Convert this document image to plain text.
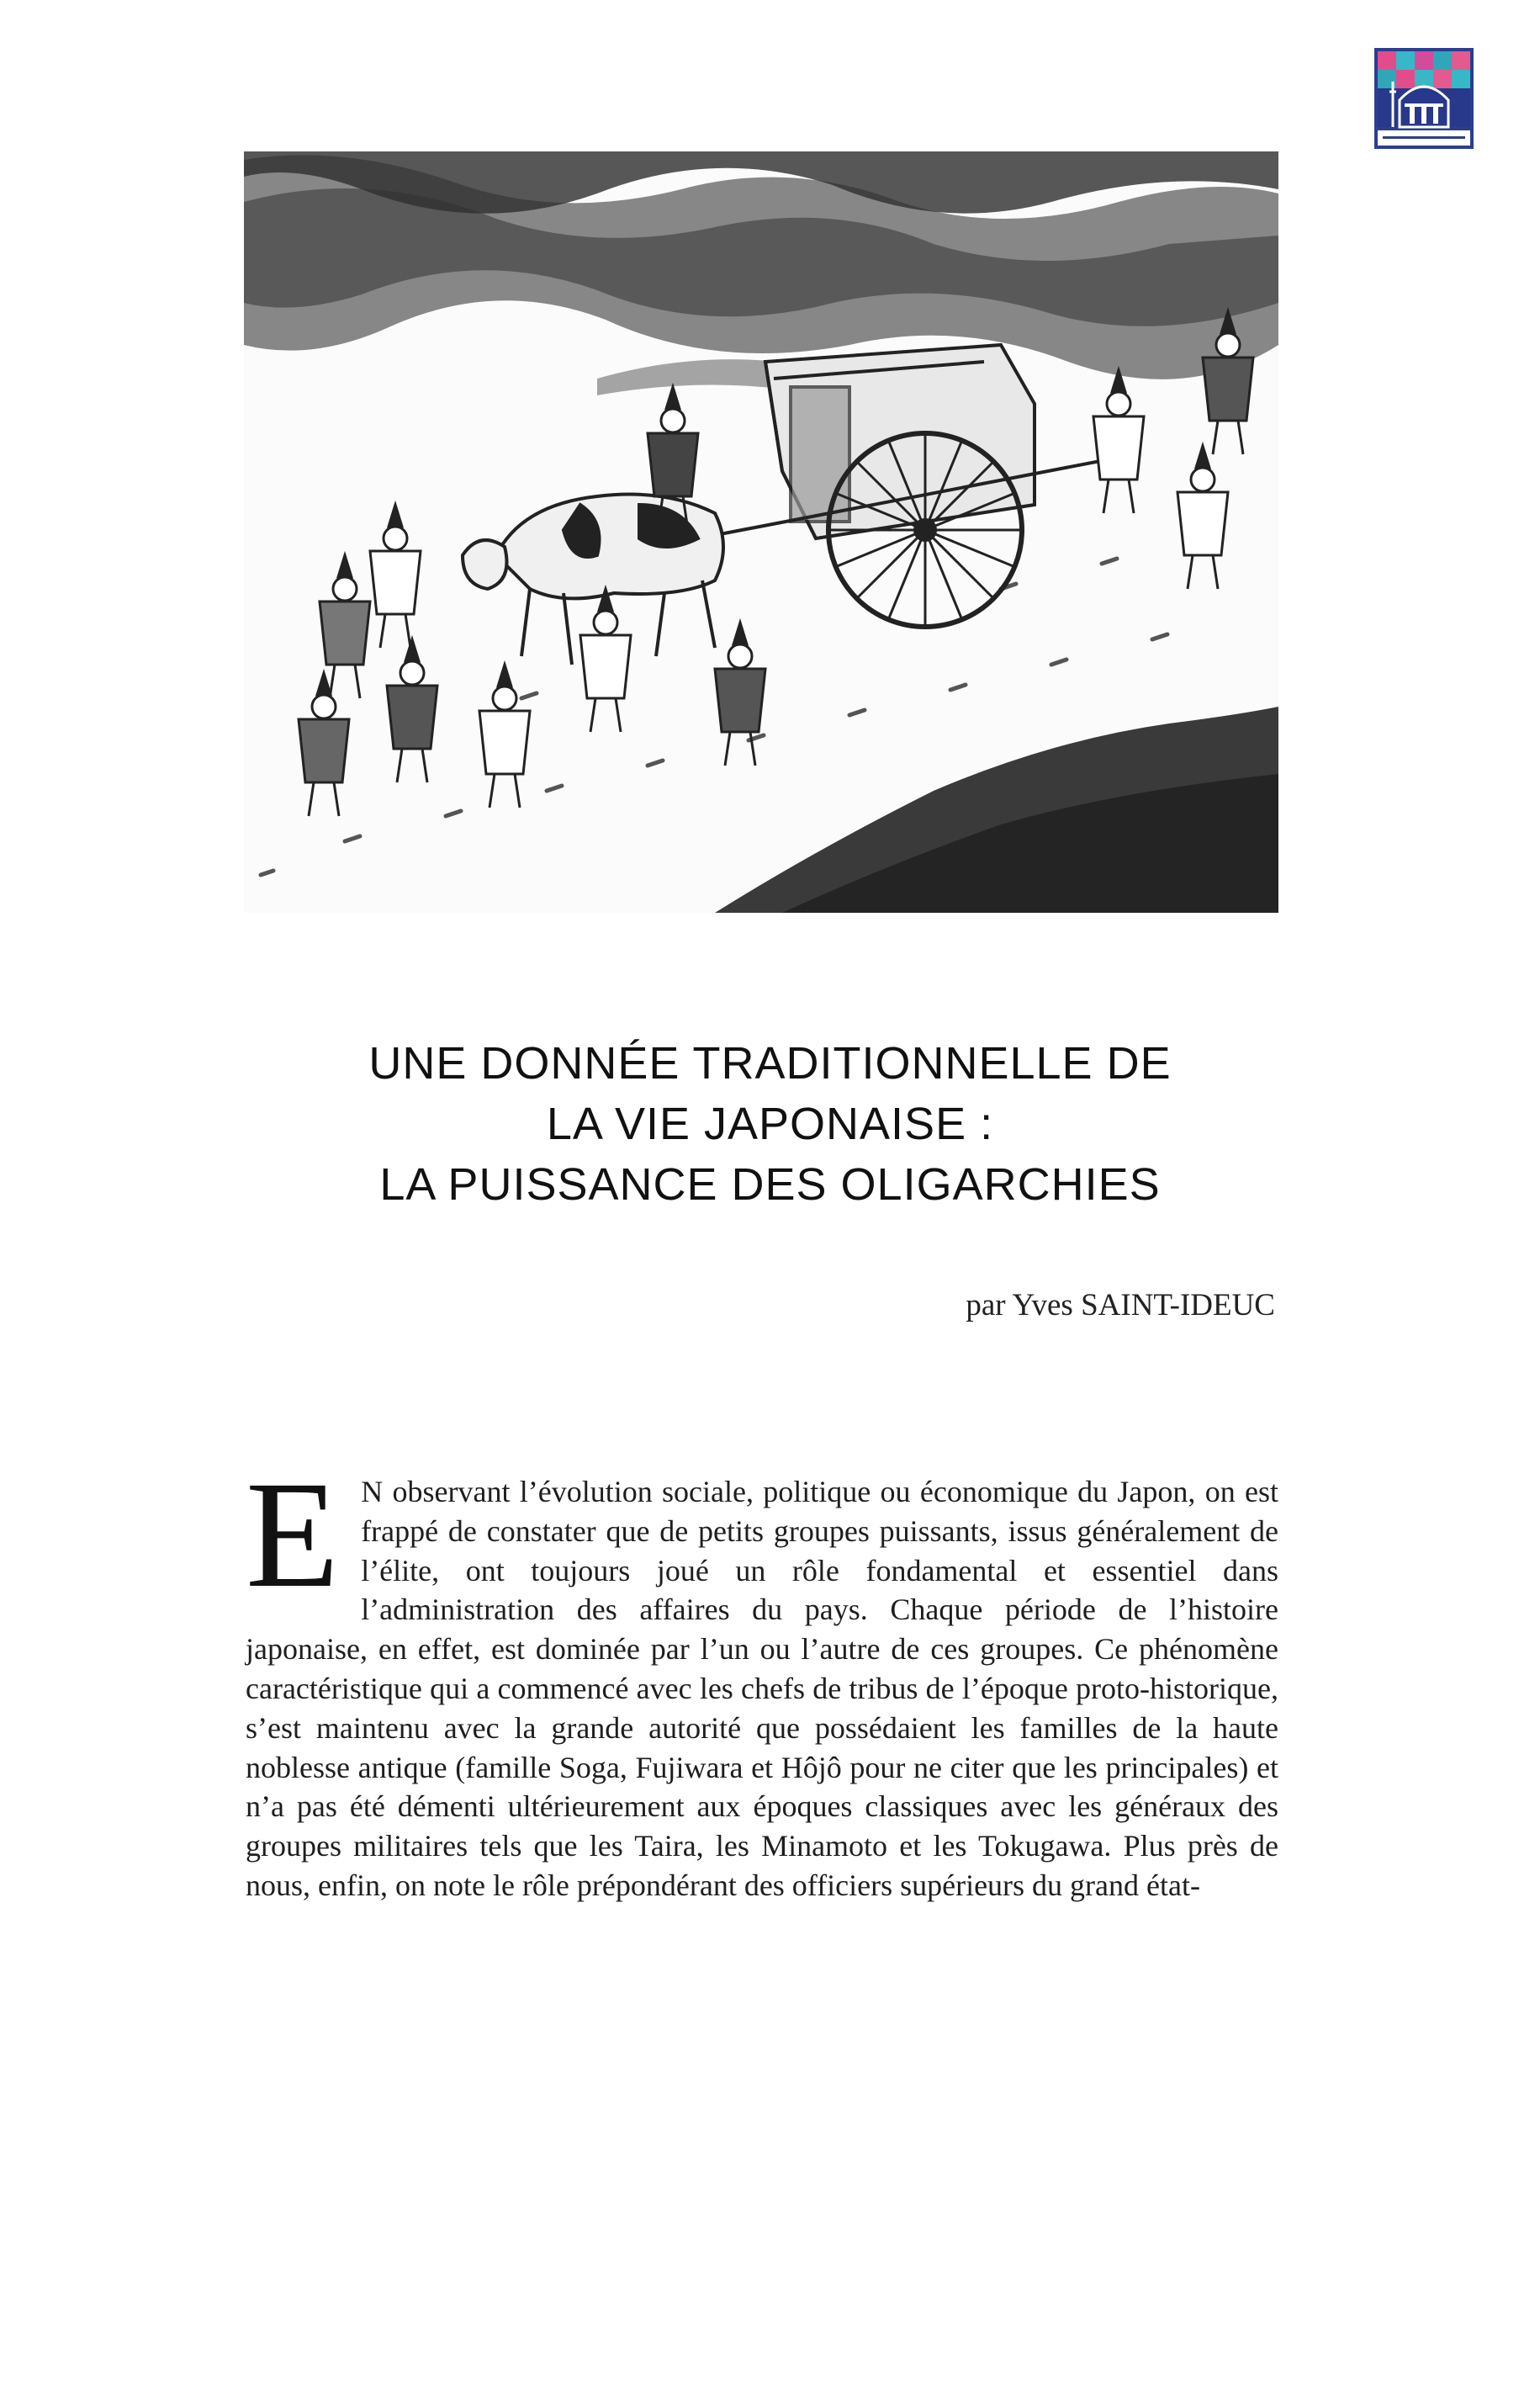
UNE DONNÉE TRADITIONNELLE DE
LA VIE JAPONAISE :
LA PUISSANCE DES OLIGARCHIES

par Yves SAINT-IDEUC

E N observant l’évolution sociale, politique ou économique du Japon, on est frappé de constater que de petits groupes puissants, issus généralement de l’élite, ont toujours joué un rôle fondamental et essentiel dans l’administration des affaires du pays. Chaque période de l’histoire japonaise, en effet, est dominée par l’un ou l’autre de ces groupes. Ce phénomène caractéristique qui a commencé avec les chefs de tribus de l’époque proto-historique, s’est maintenu avec la grande autorité que possédaient les familles de la haute noblesse antique (famille Soga, Fujiwara et Hôjô pour ne citer que les principales) et n’a pas été démenti ultérieurement aux époques classiques avec les généraux des groupes militaires tels que les Taira, les Minamoto et les Tokugawa. Plus près de nous, enfin, on note le rôle prépondérant des officiers supérieurs du grand état-
